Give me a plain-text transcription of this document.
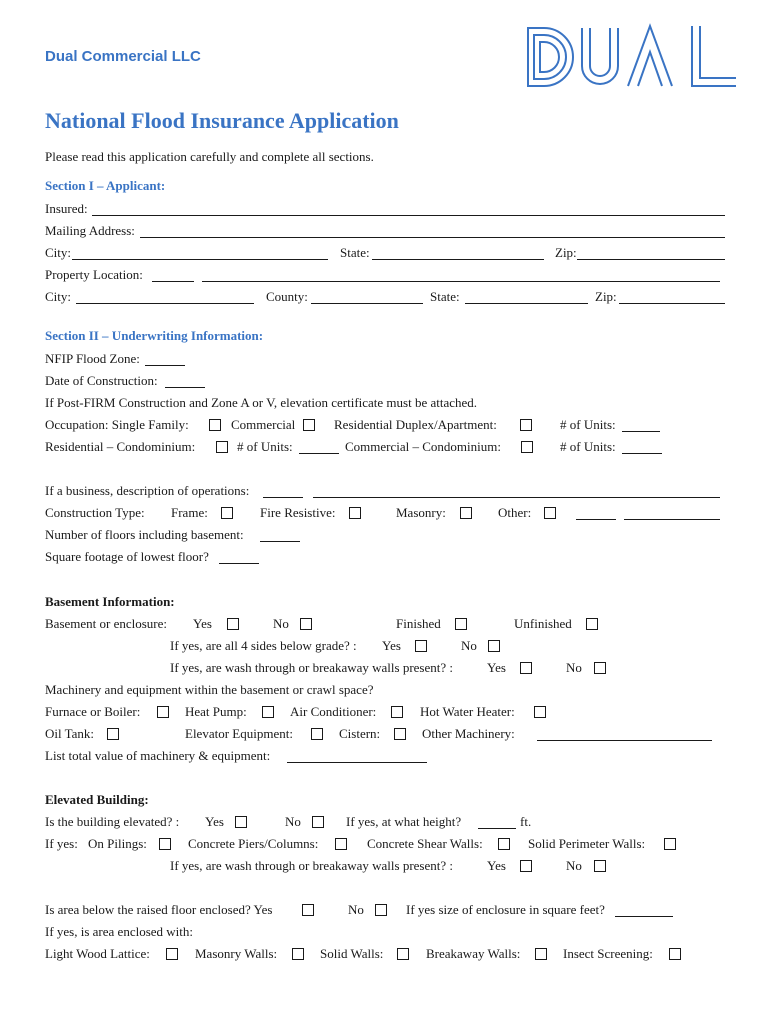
Dual Commercial LLC
National Flood Insurance Application
Please read this application carefully and complete all sections.
Section I – Applicant:
Insured:
Mailing Address:
City:	State:	Zip:
Property Location:
City:	County:	State:	Zip:
Section II – Underwriting Information:
NFIP Flood Zone:
Date of Construction:
If Post-FIRM Construction and Zone A or V, elevation certificate must be attached.
Occupation: Single Family:	Commercial	Residential Duplex/Apartment:	# of Units:
Residential – Condominium:	# of Units:	Commercial – Condominium:	# of Units:
If a business, description of operations:
Construction Type: Frame:	Fire Resistive:	Masonry:	Other:
Number of floors including basement:
Square footage of lowest floor?
Basement Information:
Basement or enclosure: Yes	No	Finished	Unfinished
If yes, are all 4 sides below grade? : Yes	No
If yes, are wash through or breakaway walls present? :	Yes	No
Machinery and equipment within the basement or crawl space?
Furnace or Boiler:	Heat Pump:	Air Conditioner:	Hot Water Heater:
Oil Tank:	Elevator Equipment:	Cistern:	Other Machinery:
List total value of machinery & equipment:
Elevated Building:
Is the building elevated? : Yes	No	If yes, at what height?	ft.
If yes: On Pilings:	Concrete Piers/Columns:	Concrete Shear Walls:	Solid Perimeter Walls:
If yes, are wash through or breakaway walls present? :	Yes	No
Is area below the raised floor enclosed? Yes	No	If yes size of enclosure in square feet?
If yes, is area enclosed with:
Light Wood Lattice:	Masonry Walls:	Solid Walls:	Breakaway Walls:	Insect Screening:
